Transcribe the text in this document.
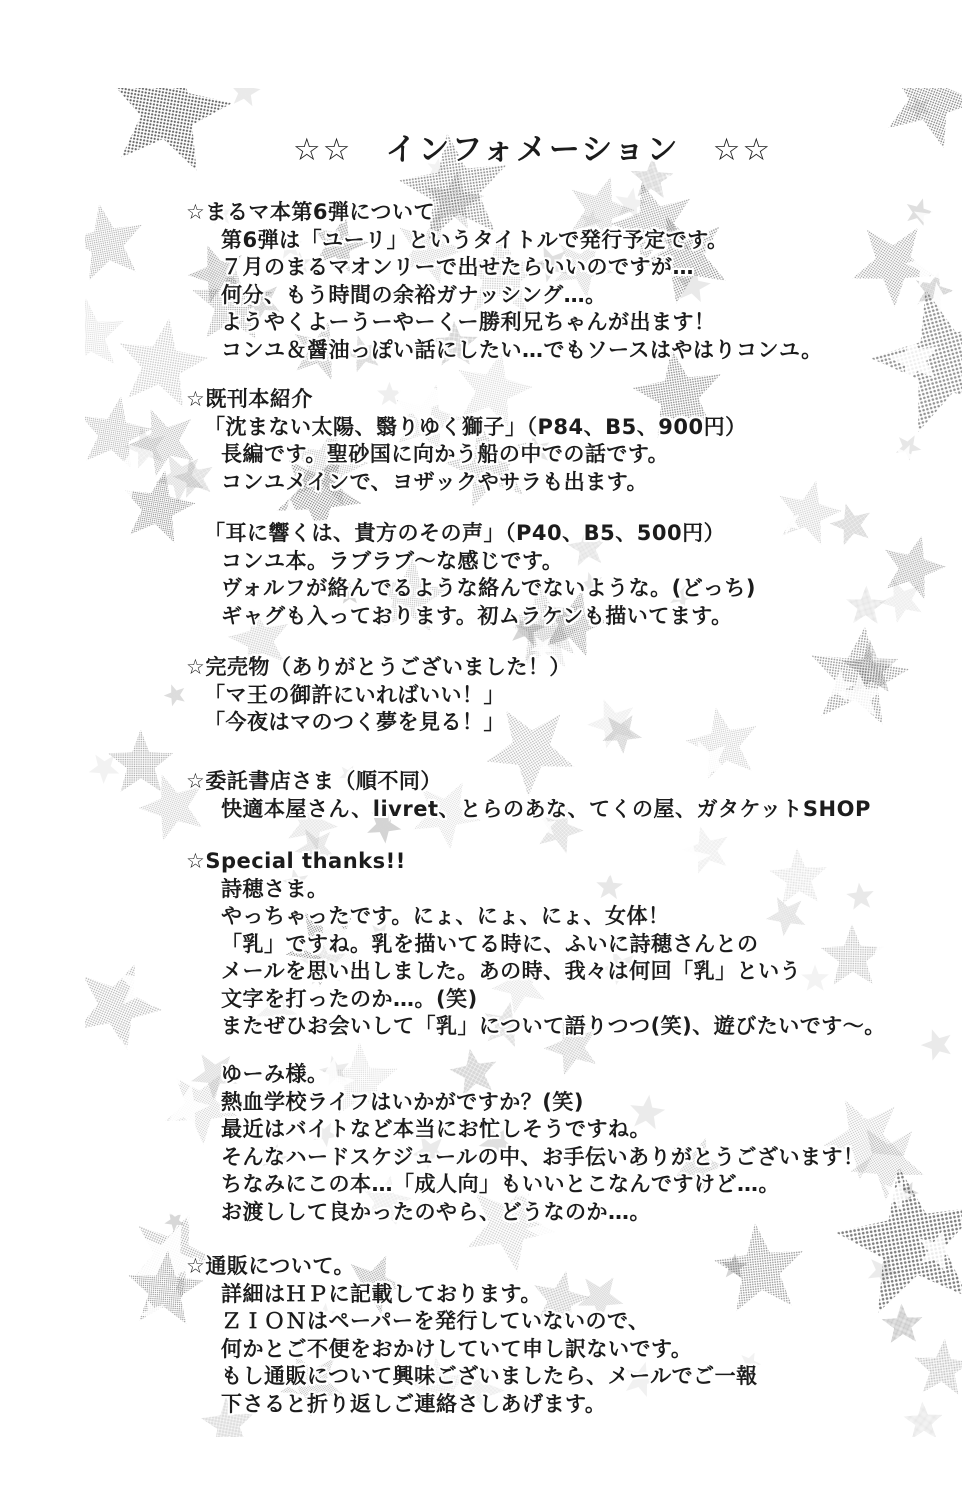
☆☆　インフォメーション　☆☆
☆まるマ本第6弾について
第6弾は「ユーリ」というタイトルで発行予定です。
７月のまるマオンリーで出せたらいいのですが…
何分、もう時間の余裕ガナッシング…。
ようやくよーうーやーくー勝利兄ちゃんが出ます！
コンユ＆醤油っぽい話にしたい…でもソースはやはりコンユ。
☆既刊本紹介
「沈まない太陽、翳りゆく獅子」（P84、B5、900円）
長編です。聖砂国に向かう船の中での話です。
コンユメインで、ヨザックやサラも出ます。
「耳に響くは、貴方のその声」（P40、B5、500円）
コンユ本。ラブラブ～な感じです。
ヴォルフが絡んでるような絡んでないような。(どっち)
ギャグも入っております。初ムラケンも描いてます。
☆完売物（ありがとうございました！）
「マ王の御許にいればいい！」
「今夜はマのつく夢を見る！」
☆委託書店さま（順不同）
快適本屋さん、livret、とらのあな、てくの屋、ガタケットSHOP
☆Special thanks!!
詩穂さま。
やっちゃったです。にょ、にょ、にょ、女体！
「乳」ですね。乳を描いてる時に、ふいに詩穂さんとの
メールを思い出しました。あの時、我々は何回「乳」という
文字を打ったのか…。(笑)
またぜひお会いして「乳」について語りつつ(笑)、遊びたいです～。
ゆーみ様。
熱血学校ライフはいかがですか？(笑)
最近はバイトなど本当にお忙しそうですね。
そんなハードスケジュールの中、お手伝いありがとうございます！
ちなみにこの本…「成人向」もいいとこなんですけど…。
お渡しして良かったのやら、どうなのか…。
☆通販について。
詳細はＨＰに記載しております。
ＺＩＯＮはペーパーを発行していないので、
何かとご不便をおかけしていて申し訳ないです。
もし通販について興味ございましたら、メールでご一報
下さると折り返しご連絡さしあげます。
